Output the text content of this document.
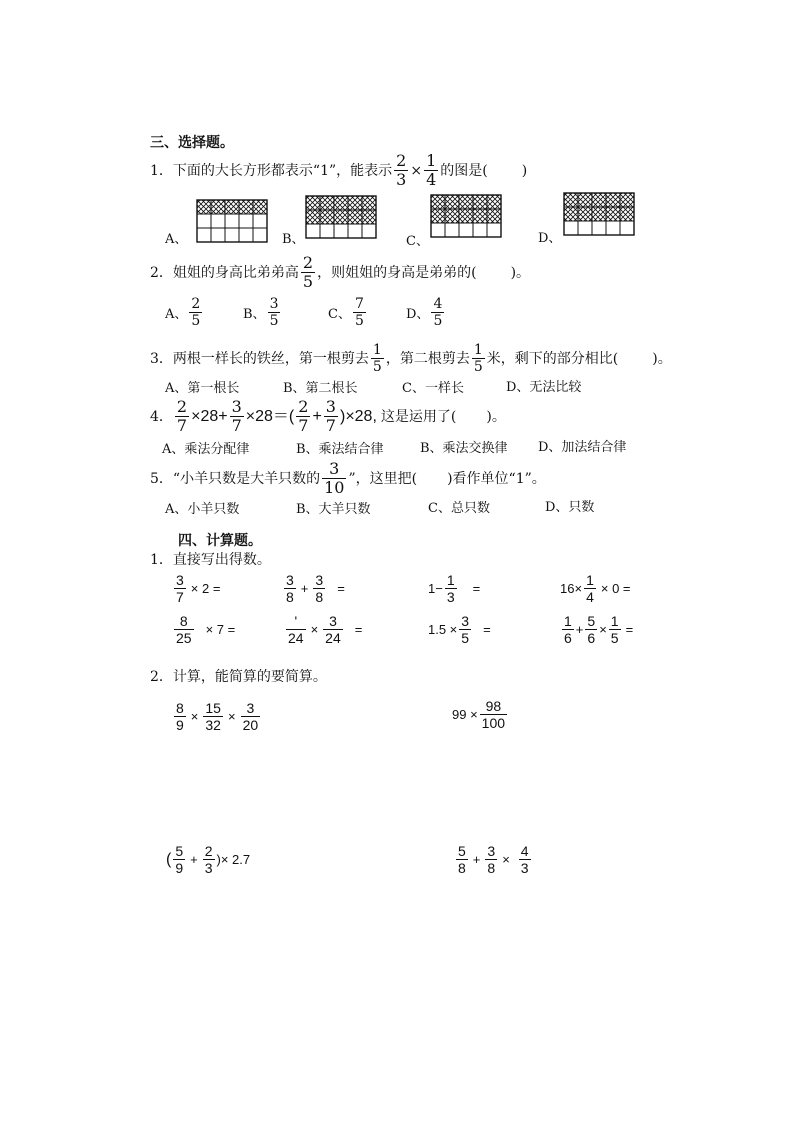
三、选择题。
1． 下面的大长方形都表示“1”，能表示 $\frac{2}{3} \times \frac{1}{4}$ 的图是( )
A、	B、	C、	D、
2． 姐姐的身高比弟弟高 $\frac{2}{5}$ ，则姐姐的身高是弟弟的( )。
A、 $\frac{2}{5}$	B、 $\frac{3}{5}$	C、 $\frac{7}{5}$	D、 $\frac{4}{5}$
3． 两根一样长的铁丝，第一根剪去 $\frac{1}{5}$ ，第二根剪去 $\frac{1}{5}$ 米，剩下的部分相比( )。
A、第一根长	B、第二根长	C、一样长	D、无法比较
4． $\frac{2}{7} \times 28+ \frac{3}{7} \times 28=( \frac{2}{7} + \frac{3}{7} )\times 28$, 这是运用了( )。
A、乘法分配律	B、乘法结合律	B、乘法交换律 D、加法结合律
5． “小羊只数是大羊只数的 $\frac{3}{10}$ ”，这里把( )看作单位“1”。
A、小羊只数	B、大羊只数	C、总只数	D、只数
四、计算题。
1．直接写出得数。
$\frac{3}{7} \times 2$ =	$\frac{3}{8} + \frac{3}{8}$ =	$1- \frac{1}{3}$ =	$16\times \frac{1}{4} \times 0$ =
$\frac{8}{25} \times 7$ =	$\frac{'}{24} \times \frac{3}{24}$ =	$1.5 \times \frac{3}{5}$ =	$\frac{1}{6} + \frac{5}{6} \times \frac{1}{5}$ =
2．计算，能简算的要简算。
$\frac{8}{9} \times \frac{15}{32} \times \frac{3}{20}$	$99 \times \frac{98}{100}$
( $\frac{5}{9} + \frac{2}{3}$ )× 2.7	$\frac{5}{8} + \frac{3}{8} \times \frac{4}{3}$
